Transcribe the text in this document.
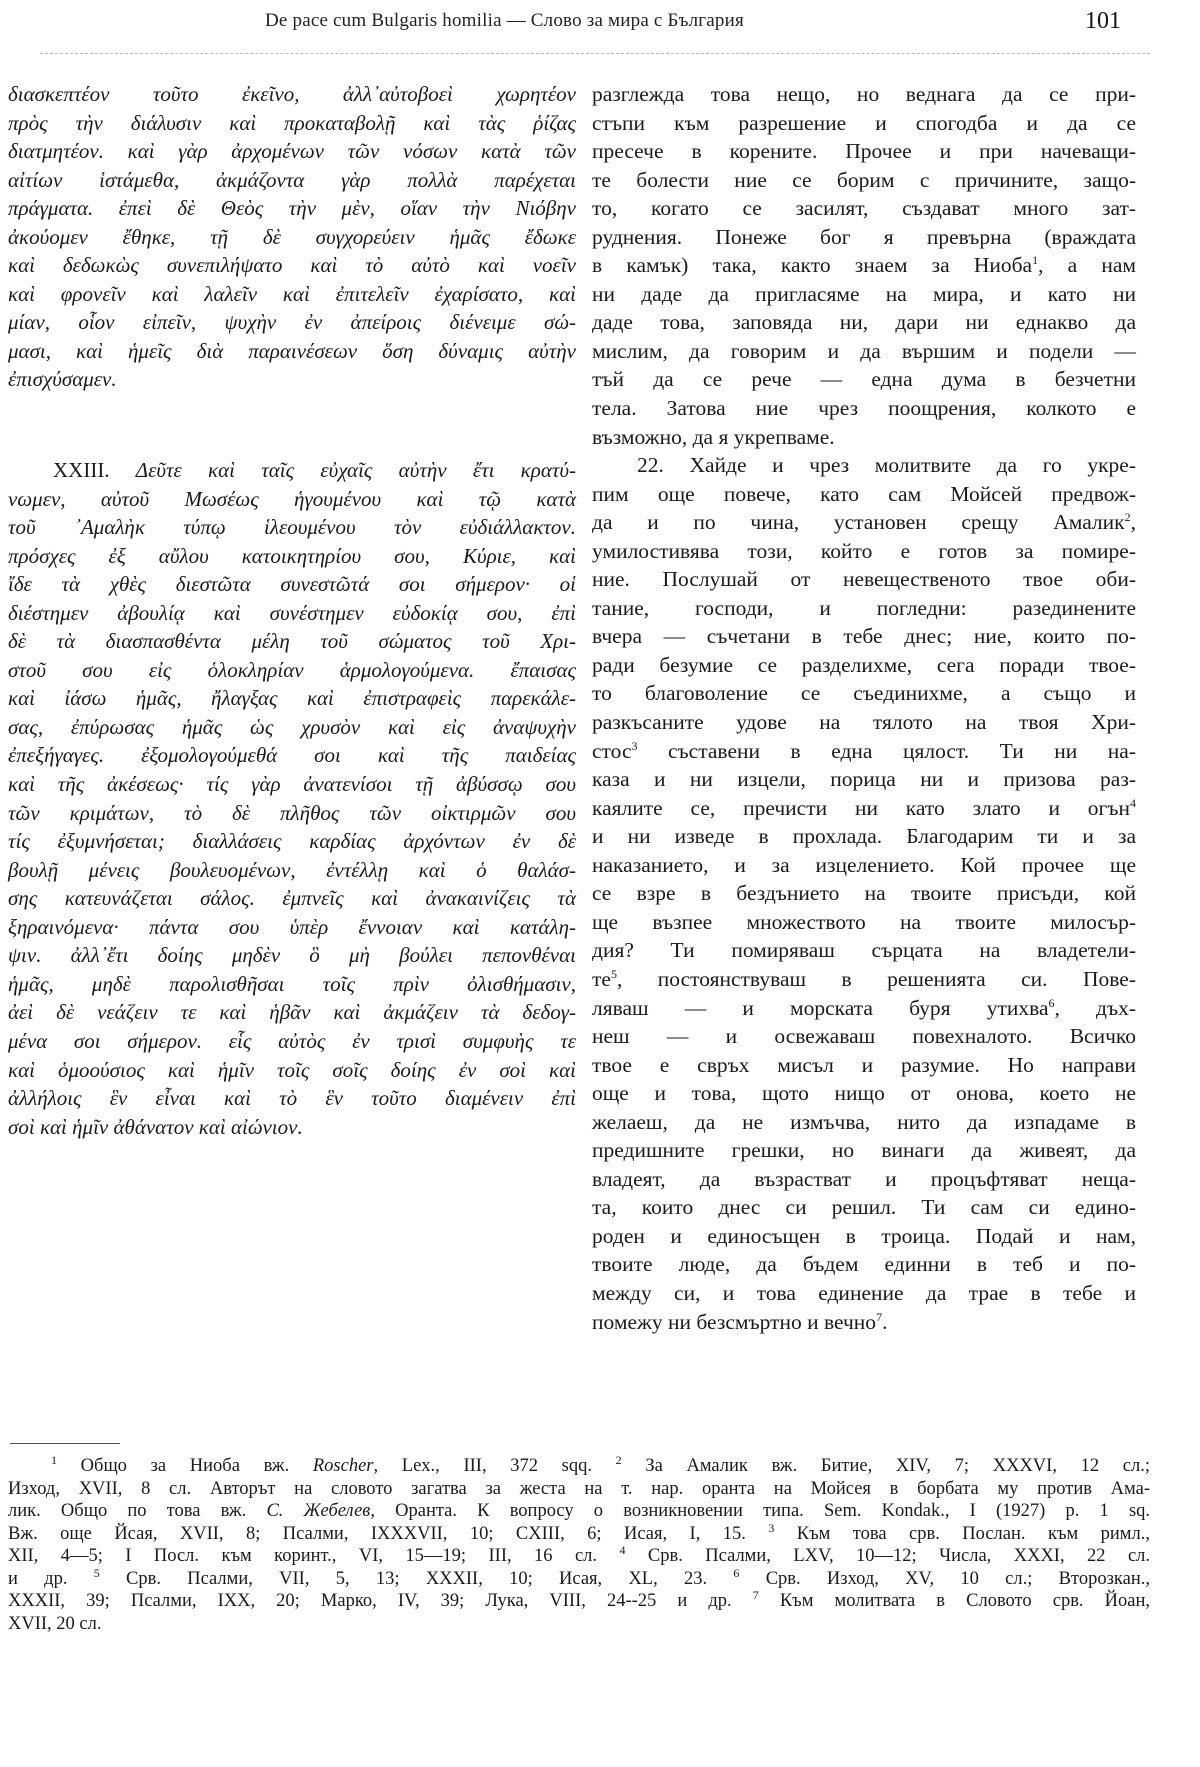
De pace cum Bulgaris homilia — Слово за мира с България	101
διασκεπτέον τοῦτο ἐκεῖνο, ἀλλ᾽αὐτοβοεὶ χωρητέον
πρὸς τὴν διάλυσιν καὶ προκαταβολῇ καὶ τὰς ῥίζας
διατμητέον. καὶ γὰρ ἀρχομένων τῶν νόσων κατὰ τῶν
αἰτίων ἱστάμεθα, ἀκμάζοντα γὰρ πολλὰ παρέχεται
πράγματα. ἐπεὶ δὲ Θεὸς τὴν μὲν, οἵαν τὴν Νιόβην
ἀκούομεν ἔθηκε, τῇ δὲ συγχορεύειν ἡμᾶς ἔδωκε
καὶ δεδωκὼς συνεπιλήψατο καὶ τὸ αὐτὸ καὶ νοεῖν
καὶ φρονεῖν καὶ λαλεῖν καὶ ἐπιτελεῖν ἐχαρίσατο, καὶ
μίαν, οἷον εἰπεῖν, ψυχὴν ἐν ἀπείροις διένειμε σώ-
μασι, καὶ ἡμεῖς διὰ παραινέσεων ὅση δύναμις αὐτὴν
ἐπισχύσαμεν.
XXIII. Δεῦτε καὶ ταῖς εὐχαῖς αὐτὴν ἔτι κρατύ-
νωμεν, αὐτοῦ Μωσέως ἡγουμένου καὶ τῷ κατὰ
τοῦ ᾽Αμαλὴκ τύπῳ ἱλεουμένου τὸν εὐδιάλλακτον.
πρόσχες ἐξ αὔλου κατοικητηρίου σου, Κύριε, καὶ
ἴδε τὰ χθὲς διεστῶτα συνεστῶτά σοι σήμερον· οἱ
διέστημεν ἀβουλίᾳ καὶ συνέστημεν εὐδοκίᾳ σου, ἐπὶ
δὲ τὰ διασπασθέντα μέλη τοῦ σώματος τοῦ Χρι-
στοῦ σου εἰς ὁλοκληρίαν ἁρμολογούμενα. ἔπαισας
καὶ ἰάσω ἡμᾶς, ἤλαγξας καὶ ἐπιστραφεὶς παρεκάλε-
σας, ἐπύρωσας ἡμᾶς ὡς χρυσὸν καὶ εἰς ἀναψυχὴν
ἐπεξήγαγες. ἐξομολογούμεθά σοι καὶ τῆς παιδείας
καὶ τῆς ἀκέσεως· τίς γὰρ ἀνατενίσοι τῇ ἀβύσσῳ σου
τῶν κριμάτων, τὸ δὲ πλῆθος τῶν οἰκτιρμῶν σου
τίς ἐξυμνήσεται; διαλλάσεις καρδίας ἀρχόντων ἐν δὲ
βουλῇ μένεις βουλευομένων, ἐντέλλῃ καὶ ὁ θαλάσ-
σης κατευνάζεται σάλος. ἐμπνεῖς καὶ ἀνακαινίζεις τὰ
ξηραινόμενα· πάντα σου ὑπὲρ ἔννοιαν καὶ κατάλη-
ψιν. ἀλλ᾽ἔτι δοίης μηδὲν ὃ μὴ βούλει πεπονθέναι
ἡμᾶς, μηδὲ παρολισθῆσαι τοῖς πρὶν ὀλισθήμασιν,
ἀεὶ δὲ νεάζειν τε καὶ ἡβᾶν καὶ ἀκμάζειν τὰ δεδογ-
μένα σοι σήμερον. εἷς αὐτὸς ἐν τρισὶ συμφυὴς τε
καὶ ὁμοούσιος καὶ ἡμῖν τοῖς σοῖς δοίης ἐν σοὶ καὶ
ἀλλήλοις ἓν εἶναι καὶ τὸ ἓν τοῦτο διαμένειν ἐπὶ
σοὶ καὶ ἡμῖν ἀθάνατον καὶ αἰώνιον.
разглежда това нещо, но веднага да се при-
стъпи към разрешение и спогодба и да се
пресече в корените. Прочее и при начеващи-
те болести ние се борим с причините, защо-
то, когато се засилят, създават много зат-
руднения. Понеже бог я превърна (враждата
в камък) така, както знаем за Ниоба$^1$, а нам
ни даде да пригласяме на мира, и като ни
даде това, заповяда ни, дари ни еднакво да
мислим, да говорим и да вършим и подели —
тъй да се рече — една дума в безчетни
тела. Затова ние чрез поощрения, колкото е
възможно, да я укрепваме.
22. Хайде и чрез молитвите да го укре-
пим още повече, като сам Мойсей предвож-
да и по чина, установен срещу Амалик$^2$,
умилостивява този, който е готов за помире-
ние. Послушай от невещественото твое оби-
тание, господи, и погледни: разединените
вчера — съчетани в тебе днес; ние, които по-
ради безумие се разделихме, сега поради твое-
то благоволение се съединихме, а също и
разкъсаните удове на тялото на твоя Хри-
стос$^3$ съставени в една цялост. Ти ни на-
каза и ни изцели, порица ни и призова раз-
каялите се, пречисти ни като злато и огън$^4$
и ни изведе в прохлада. Благодарим ти и за
наказанието, и за изцелението. Кой прочее ще
се взре в бездънието на твоите присъди, кой
ще възпее множеството на твоите милосър-
дия? Ти помиряваш сърцата на владетели-
$те^5$, постоянствуваш в решенията си. Пове-
ляваш — и морската буря утихва$^6$, дъх-
неш — и освежаваш повехналото. Всичко
твое е свръх мисъл и разумие. Но направи
още и това, щото нищо от онова, което не
желаеш, да не измъчва, нито да изпадаме в
предишните грешки, но винаги да живеят, да
владеят, да възрастват и процъфтяват неща-
та, които днес си решил. Ти сам си едино-
роден и единосъщен в троица. Подай и нам,
твоите люде, да бъдем единни в теб и по-
между си, и това единение да трае в тебе и
помежу ни безсмъртно и вечно$^7$.
$^1$ Общо за Ниоба вж. Roscher, Lex., III, 372 sqq. $^2$ За Амалик вж. Битие, XIV, 7; XXXVI, 12 сл.;
Изход, XVII, 8 сл. Авторът на словото загатва за жеста на т. нар. оранта на Мойсея в борбата му против Ама-
лик. Общо по това вж. С. Жебелев, Оранта. К вопросу о возникновении типа. Sem. Kondak., I (1927) p. 1 sq.
Вж. още Йсая, XVII, 8; Псалми, IXXXVII, 10; CXIII, 6; Исая, I, 15. $^3$ Към това срв. Послан. към римл.,
XII, 4—5; I Посл. към коринт., VI, 15—19; III, 16 сл. $^4$ Срв. Псалми, LXV, 10—12; Числа, XXXI, 22 сл.
и др. $^5$ Срв. Псалми, VII, 5, 13; XXXII, 10; Исая, XL, 23. $^6$ Срв. Изход, XV, 10 сл.; Второзкан.,
XXXII, 39; Псалми, IXX, 20; Марко, IV, 39; Лука, VIII, 24--25 и др. $^7$ Към молитвата в Словото срв. Йоан,
XVII, 20 сл.
